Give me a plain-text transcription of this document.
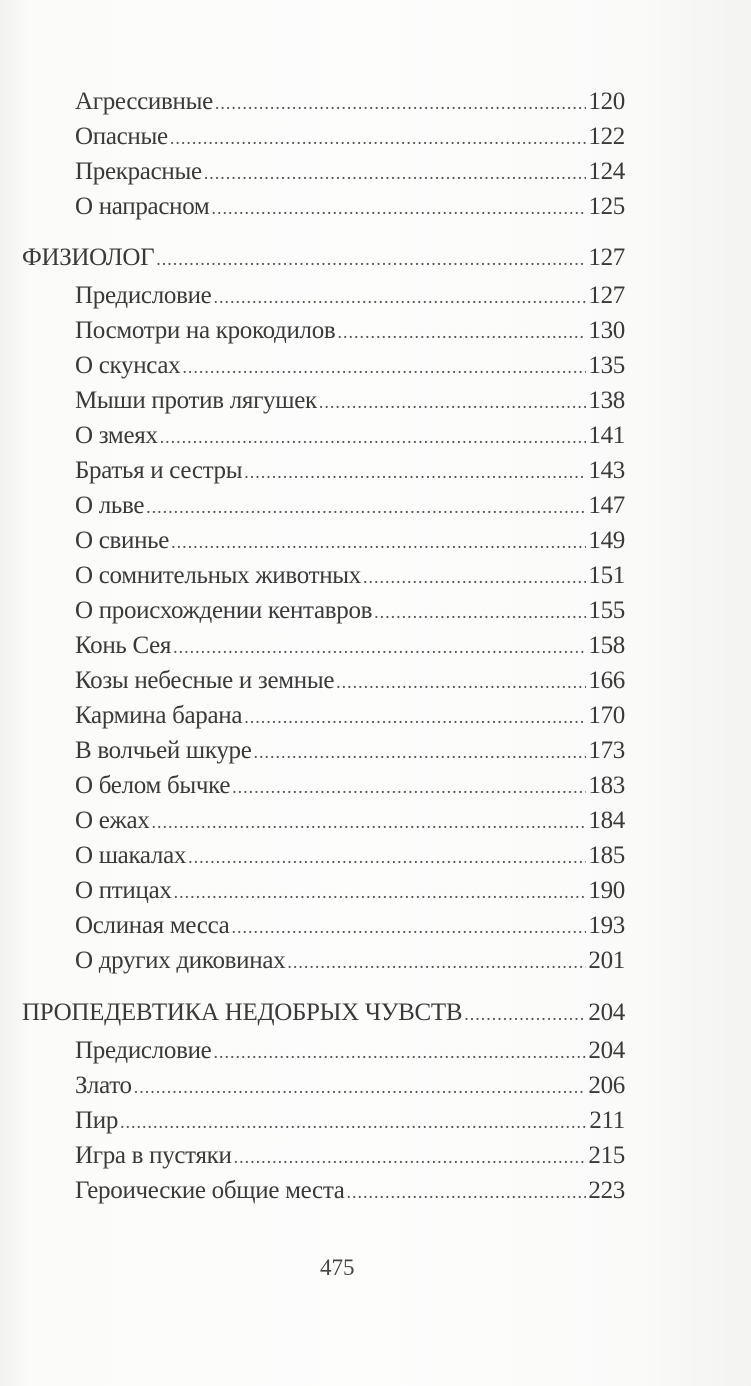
Агрессивные .....	120
Опасные .....	122
Прекрасные .....	124
О напрасном .....	125
ФИЗИОЛОГ .....	127
Предисловие .....	127
Посмотри на крокодилов .....	130
О скунсах .....	135
Мыши против лягушек .....	138
О змеях .....	141
Братья и сестры .....	143
О льве .....	147
О свинье .....	149
О сомнительных животных .....	151
О происхождении кентавров .....	155
Конь Сея .....	158
Козы небесные и земные .....	166
Кармина барана .....	170
В волчьей шкуре .....	173
О белом бычке .....	183
О ежах .....	184
О шакалах .....	185
О птицах .....	190
Ослиная месса .....	193
О других диковинах .....	201
ПРОПЕДЕВТИКА НЕДОБРЫХ ЧУВСТВ .....	204
Предисловие .....	204
Злато .....	206
Пир .....	211
Игра в пустяки .....	215
Героические общие места .....	223
475
